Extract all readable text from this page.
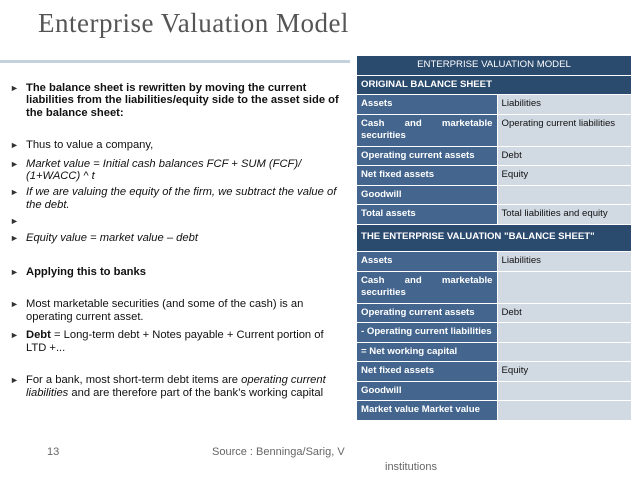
Enterprise Valuation Model
► The balance sheet is rewritten by moving the current liabilities from the liabilities/equity side to the asset side of the balance sheet:
► Thus to value a company,
► Market value = Initial cash balances FCF + SUM (FCF)/ (1+WACC) ^ t
► If we are valuing the equity of the firm, we subtract the value of the debt.
►

► Equity value = market value – debt
► Applying this to banks
► Most marketable securities (and some of the cash) is an operating current asset.
► Debt = Long-term debt + Notes payable + Current portion of LTD +...
► For a bank, most short-term debt items are operating current liabilities and are therefore part of the bank’s working capital
ENTERPRISE VALUATION MODEL	
ORIGINAL BALANCE SHEET	
Assets	Liabilities
Cash and marketable securities	Operating current liabilities
Operating current assets	Debt
Net fixed assets	Equity
Goodwill	
Total assets	Total liabilities and equity
THE ENTERPRISE VALUATION "BALANCE SHEET"	
Assets	Liabilities
Cash and marketable securities	
Operating current assets	Debt
- Operating current liabilities	
= Net working capital	
Net fixed assets	Equity
Goodwill	
Market value Market value	
13	Source : Benninga/Sarig, V
institutions
